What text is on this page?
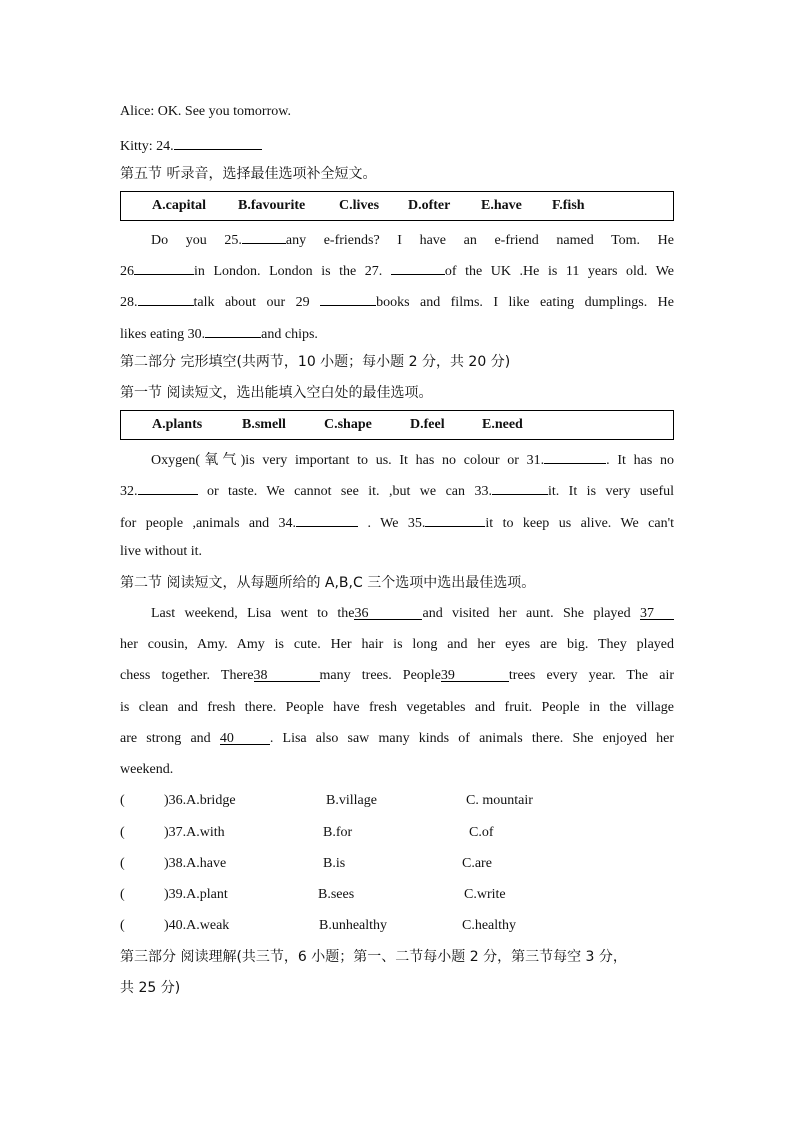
Alice: OK. See you tomorrow.
Kitty: 24.
第五节 听录音，选择最佳选项补全短文。
A.capital B.favourite C.lives D.ofter E.have F.fish
Do you 25.	any e-friends? I have an e-friend named Tom. He
26	in London. London is the 27.	of the UK .He is 11 years old. We
28.	talk about our 29	books and films. I like eating dumplings. He
likes eating 30.	and chips.
第二部分 完形填空(共两节，10 小题；每小题 2 分，共 20 分)
第一节 阅读短文，选出能填入空白处的最佳选项。
A.plants	B.smell	C.shape	D.feel	E.need
Oxygen(氧气)is very important to us. It has no colour or 31.	. It has no
32.	or taste. We cannot see it. ,but we can 33.	it. It is very useful
for people ,animals and 34.	. We 35.	it to keep us alive. We can't
live without it.
第二节 阅读短文，从每题所给的 A,B,C 三个选项中选出最佳选项。
Last weekend, Lisa went to the36	and visited her aunt. She played 37
her cousin, Amy. Amy is cute. Her hair is long and her eyes are big. They played
chess together. There38	many trees. People39	trees every year. The air
is clean and fresh there. People have fresh vegetables and fruit. People in the village
are strong and 40	. Lisa also saw many kinds of animals there. She enjoyed her
weekend.
(	)36.A.bridge	B.village	C. mountair
(	)37.A.with	B.for	C.of
(	)38.A.have	B.is	C.are
(	)39.A.plant	B.sees	C.write
(	)40.A.weak	B.unhealthy	C.healthy
第三部分 阅读理解(共三节，6 小题；第一、二节每小题 2 分，第三节每空 3 分，
共 25 分)
